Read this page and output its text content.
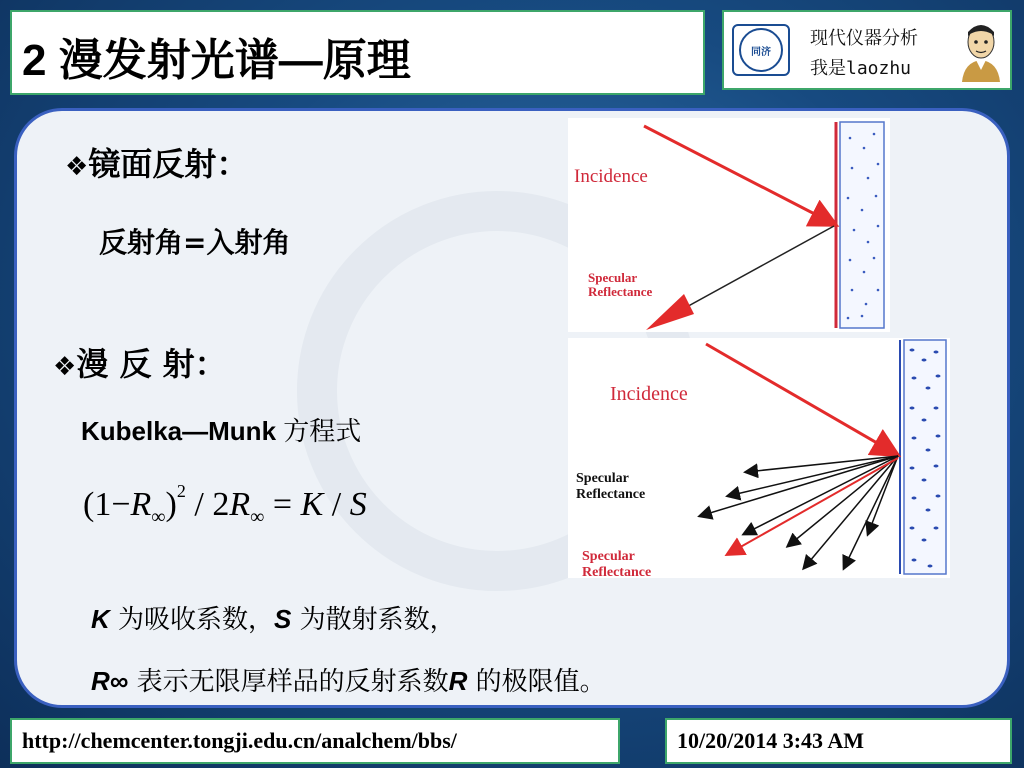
2 漫发射光谱—原理	同济
现代仪器分析
我是laozhu
❖镜面反射：
反射角=入射角
❖漫 反 射：
Kubelka—Munk 方程式
$(1-R_\infty)^2 / 2R_\infty = K / S$
K 为吸收系数，S 为散射系数，
R∞ 表示无限厚样品的反射系数R 的极限值。
Incidence
Specular
Reflectance
Incidence
Specular
Reflectance
Specular
Reflectance
http://chemcenter.tongji.edu.cn/analchem/bbs/	10/20/2014 3:43 AM
